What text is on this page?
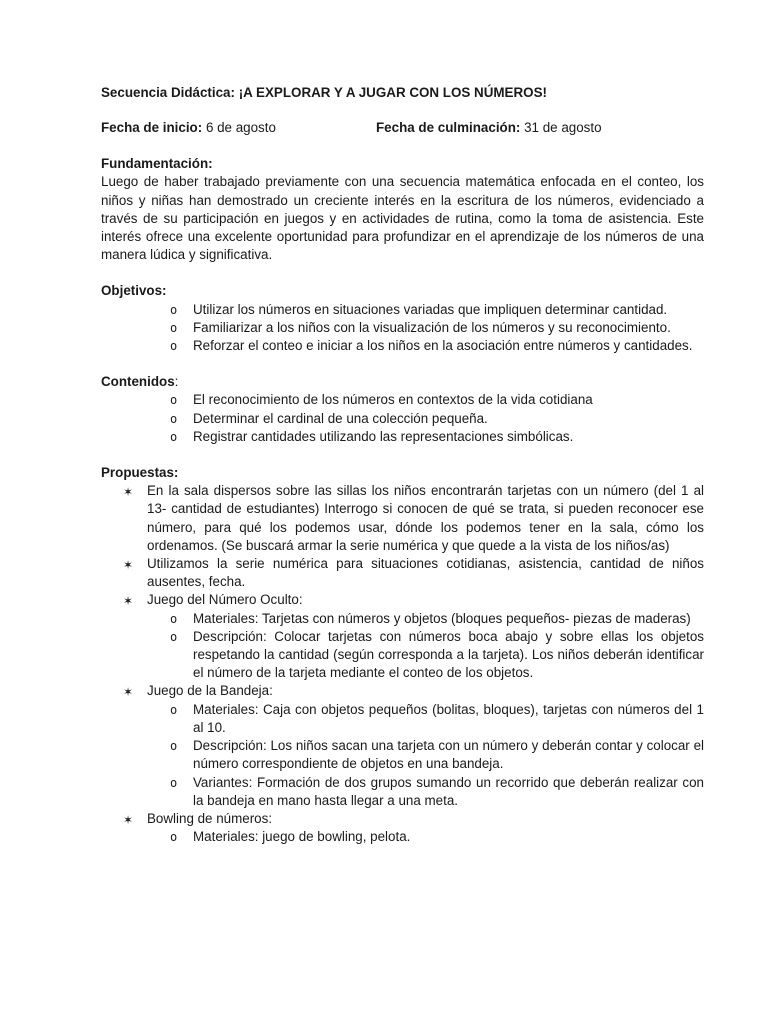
Secuencia Didáctica: ¡A EXPLORAR Y A JUGAR CON LOS NÚMEROS!

Fecha de inicio: 6 de agosto	Fecha de culminación: 31 de agosto

Fundamentación:

Luego de haber trabajado previamente con una secuencia matemática enfocada en el conteo, los niños y niñas han demostrado un creciente interés en la escritura de los números, evidenciado a través de su participación en juegos y en actividades de rutina, como la toma de asistencia. Este interés ofrece una excelente oportunidad para profundizar en el aprendizaje de los números de una manera lúdica y significativa.

Objetivos:

o Utilizar los números en situaciones variadas que impliquen determinar cantidad.
o Familiarizar a los niños con la visualización de los números y su reconocimiento.
o Reforzar el conteo e iniciar a los niños en la asociación entre números y cantidades.

Contenidos:

o El reconocimiento de los números en contextos de la vida cotidiana
o Determinar el cardinal de una colección pequeña.
o Registrar cantidades utilizando las representaciones simbólicas.

Propuestas:

✶ En la sala dispersos sobre las sillas los niños encontrarán tarjetas con un número (del 1 al 13- cantidad de estudiantes) Interrogo si conocen de qué se trata, si pueden reconocer ese número, para qué los podemos usar, dónde los podemos tener en la sala, cómo los ordenamos. (Se buscará armar la serie numérica y que quede a la vista de los niños/as)
✶ Utilizamos la serie numérica para situaciones cotidianas, asistencia, cantidad de niños ausentes, fecha.
✶ Juego del Número Oculto:
o Materiales: Tarjetas con números y objetos (bloques pequeños- piezas de maderas)
o Descripción: Colocar tarjetas con números boca abajo y sobre ellas los objetos respetando la cantidad (según corresponda a la tarjeta). Los niños deberán identificar el número de la tarjeta mediante el conteo de los objetos.
✶ Juego de la Bandeja:
o Materiales: Caja con objetos pequeños (bolitas, bloques), tarjetas con números del 1 al 10.
o Descripción: Los niños sacan una tarjeta con un número y deberán contar y colocar el número correspondiente de objetos en una bandeja.
o Variantes: Formación de dos grupos sumando un recorrido que deberán realizar con la bandeja en mano hasta llegar a una meta.
✶ Bowling de números:
o Materiales: juego de bowling, pelota.
